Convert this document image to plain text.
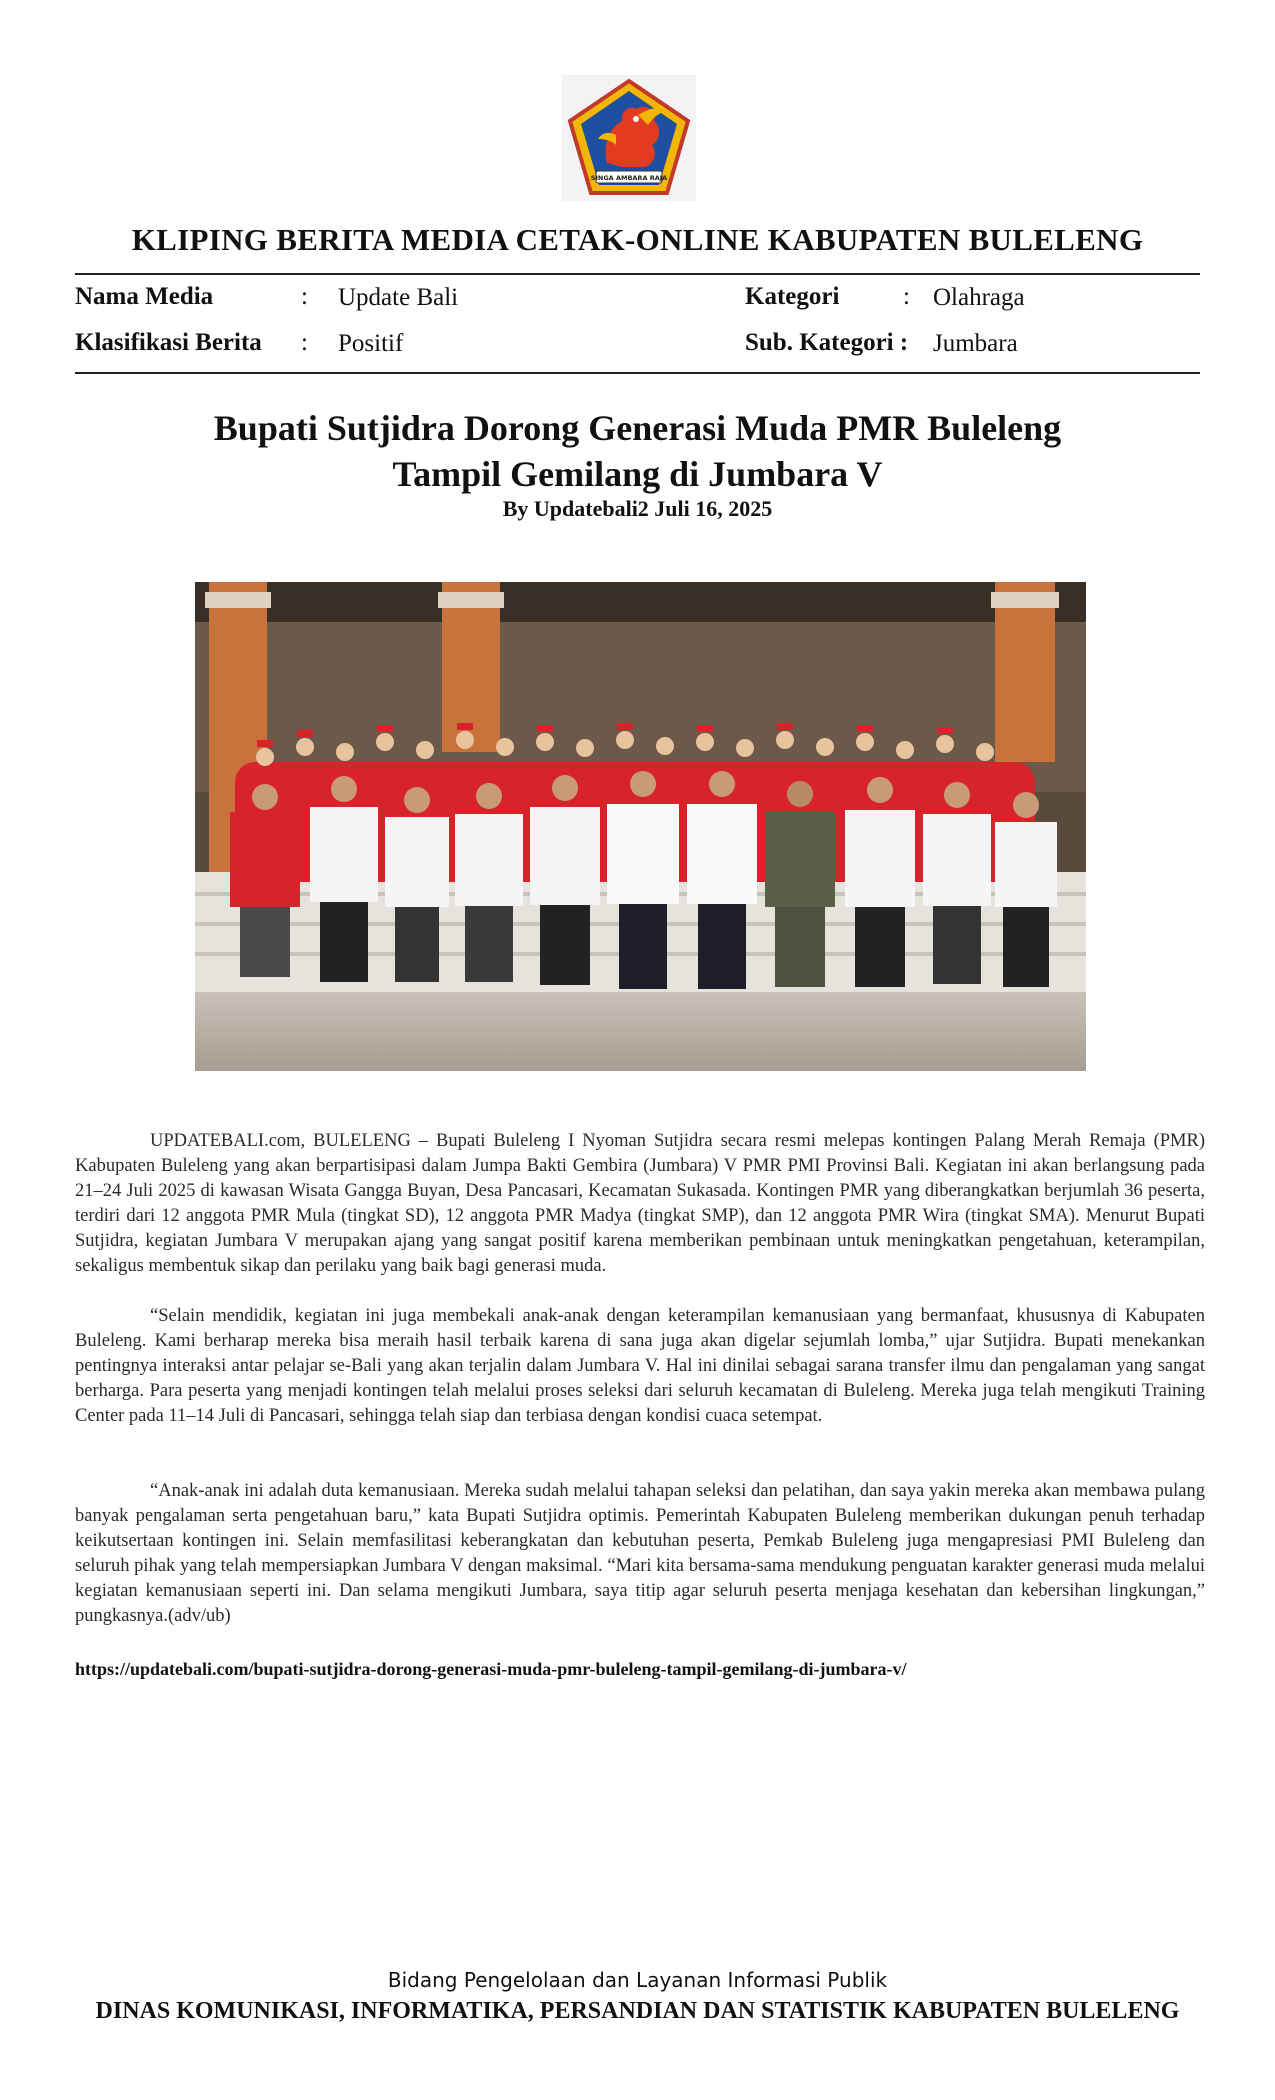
SINGA AMBARA RAJA
KLIPING BERITA MEDIA CETAK-ONLINE KABUPATEN BULELENG
Nama Media	: Update Bali	Kategori	: Olahraga
Klasifikasi Berita : Positif	Sub. Kategori : Jumbara
Bupati Sutjidra Dorong Generasi Muda PMR Buleleng
Tampil Gemilang di Jumbara V
By Updatebali2 Juli 16, 2025
UPDATEBALI.com, BULELENG – Bupati Buleleng I Nyoman Sutjidra secara resmi melepas kontingen Palang Merah Remaja (PMR) Kabupaten Buleleng yang akan berpartisipasi dalam Jumpa Bakti Gembira (Jumbara) V PMR PMI Provinsi Bali. Kegiatan ini akan berlangsung pada 21–24 Juli 2025 di kawasan Wisata Gangga Buyan, Desa Pancasari, Kecamatan Sukasada. Kontingen PMR yang diberangkatkan berjumlah 36 peserta, terdiri dari 12 anggota PMR Mula (tingkat SD), 12 anggota PMR Madya (tingkat SMP), dan 12 anggota PMR Wira (tingkat SMA). Menurut Bupati Sutjidra, kegiatan Jumbara V merupakan ajang yang sangat positif karena memberikan pembinaan untuk meningkatkan pengetahuan, keterampilan, sekaligus membentuk sikap dan perilaku yang baik bagi generasi muda.
“Selain mendidik, kegiatan ini juga membekali anak-anak dengan keterampilan kemanusiaan yang bermanfaat, khususnya di Kabupaten Buleleng. Kami berharap mereka bisa meraih hasil terbaik karena di sana juga akan digelar sejumlah lomba,” ujar Sutjidra. Bupati menekankan pentingnya interaksi antar pelajar se-Bali yang akan terjalin dalam Jumbara V. Hal ini dinilai sebagai sarana transfer ilmu dan pengalaman yang sangat berharga. Para peserta yang menjadi kontingen telah melalui proses seleksi dari seluruh kecamatan di Buleleng. Mereka juga telah mengikuti Training Center pada 11–14 Juli di Pancasari, sehingga telah siap dan terbiasa dengan kondisi cuaca setempat.
“Anak-anak ini adalah duta kemanusiaan. Mereka sudah melalui tahapan seleksi dan pelatihan, dan saya yakin mereka akan membawa pulang banyak pengalaman serta pengetahuan baru,” kata Bupati Sutjidra optimis. Pemerintah Kabupaten Buleleng memberikan dukungan penuh terhadap keikutsertaan kontingen ini. Selain memfasilitasi keberangkatan dan kebutuhan peserta, Pemkab Buleleng juga mengapresiasi PMI Buleleng dan seluruh pihak yang telah mempersiapkan Jumbara V dengan maksimal. “Mari kita bersama-sama mendukung penguatan karakter generasi muda melalui kegiatan kemanusiaan seperti ini. Dan selama mengikuti Jumbara, saya titip agar seluruh peserta menjaga kesehatan dan kebersihan lingkungan,” pungkasnya.(adv/ub)
https://updatebali.com/bupati-sutjidra-dorong-generasi-muda-pmr-buleleng-tampil-gemilang-di-jumbara-v/
Bidang Pengelolaan dan Layanan Informasi Publik
DINAS KOMUNIKASI, INFORMATIKA, PERSANDIAN DAN STATISTIK KABUPATEN BULELENG
